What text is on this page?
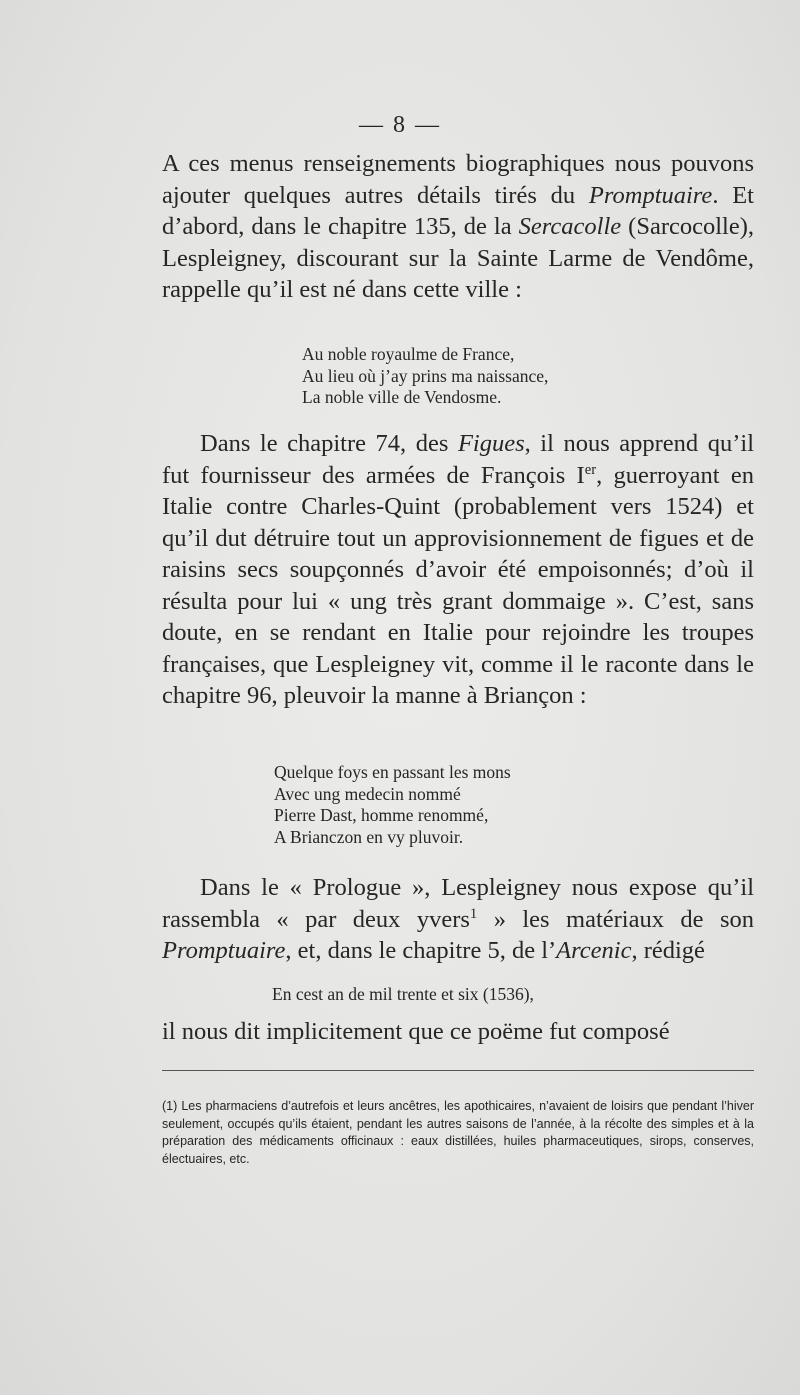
— 8 —
A ces menus renseignements biographiques nous pouvons ajouter quelques autres détails tirés du Promptuaire. Et d’abord, dans le chapitre 135, de la Sercacolle (Sarcocolle), Lespleigney, discourant sur la Sainte Larme de Vendôme, rappelle qu’il est né dans cette ville :
Au noble royaulme de France,
Au lieu où j’ay prins ma naissance,
La noble ville de Vendosme.
Dans le chapitre 74, des Figues, il nous apprend qu’il fut fournisseur des armées de François Ier, guerroyant en Italie contre Charles-Quint (probablement vers 1524) et qu’il dut détruire tout un approvisionnement de figues et de raisins secs soupçonnés d’avoir été empoisonnés; d’où il résulta pour lui « ung très grant dommaige ». C’est, sans doute, en se rendant en Italie pour rejoindre les troupes françaises, que Lespleigney vit, comme il le raconte dans le chapitre 96, pleuvoir la manne à Briançon :
Quelque foys en passant les mons
Avec ung medecin nommé
Pierre Dast, homme renommé,
A Brianczon en vy pluvoir.
Dans le « Prologue », Lespleigney nous expose qu’il rassembla « par deux yvers$^1$ » les matériaux de son Promptuaire, et, dans le chapitre 5, de l’Arcenic, rédigé
En cest an de mil trente et six (1536),
il nous dit implicitement que ce poëme fut composé
(1) Les pharmaciens d’autrefois et leurs ancêtres, les apothicaires, n’avaient de loisirs que pendant l’hiver seulement, occupés qu’ils étaient, pendant les autres saisons de l’année, à la récolte des simples et à la préparation des médicaments officinaux : eaux distillées, huiles pharmaceutiques, sirops, conserves, électuaires, etc.
